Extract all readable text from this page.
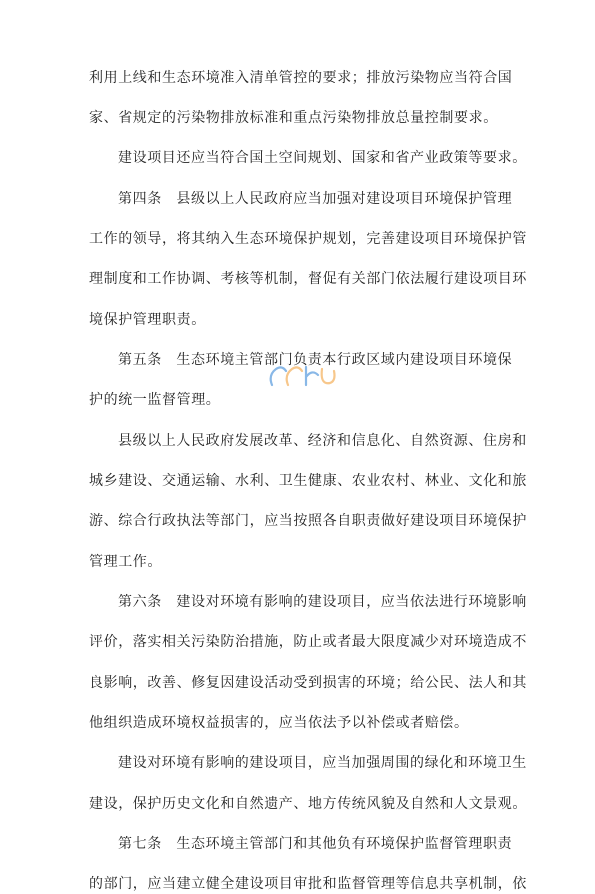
利用上线和生态环境准入清单管控的要求；排放污染物应当符合国
家、省规定的污染物排放标准和重点污染物排放总量控制要求。
建设项目还应当符合国土空间规划、国家和省产业政策等要求。
第四条　县级以上人民政府应当加强对建设项目环境保护管理
工作的领导，将其纳入生态环境保护规划，完善建设项目环境保护管
理制度和工作协调、考核等机制，督促有关部门依法履行建设项目环
境保护管理职责。
第五条　生态环境主管部门负责本行政区域内建设项目环境保
护的统一监督管理。
县级以上人民政府发展改革、经济和信息化、自然资源、住房和
城乡建设、交通运输、水利、卫生健康、农业农村、林业、文化和旅
游、综合行政执法等部门，应当按照各自职责做好建设项目环境保护
管理工作。
第六条　建设对环境有影响的建设项目，应当依法进行环境影响
评价，落实相关污染防治措施，防止或者最大限度减少对环境造成不
良影响，改善、修复因建设活动受到损害的环境；给公民、法人和其
他组织造成环境权益损害的，应当依法予以补偿或者赔偿。
建设对环境有影响的建设项目，应当加强周围的绿化和环境卫生
建设，保护历史文化和自然遗产、地方传统风貌及自然和人文景观。
第七条　生态环境主管部门和其他负有环境保护监督管理职责
的部门，应当建立健全建设项目审批和监督管理等信息共享机制，依
